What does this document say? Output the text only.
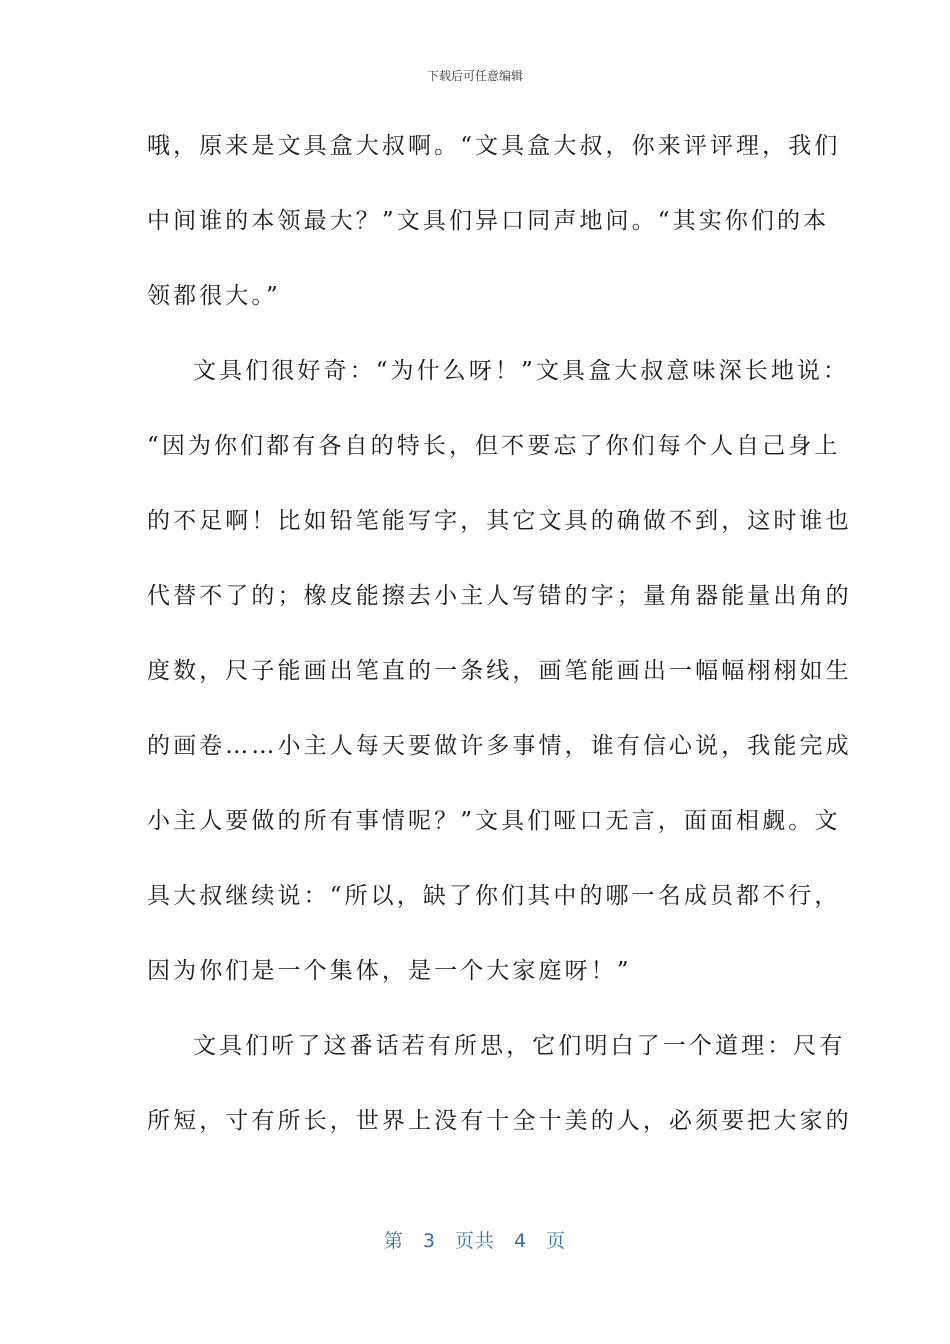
下载后可任意编辑
哦，原来是文具盒大叔啊。“文具盒大叔，你来评评理，我们
中间谁的本领最大？”文具们异口同声地问。“其实你们的本
领都很大。”
文具们很好奇：“为什么呀！”文具盒大叔意味深长地说：
“因为你们都有各自的特长，但不要忘了你们每个人自己身上
的不足啊！比如铅笔能写字，其它文具的确做不到，这时谁也
代替不了的；橡皮能擦去小主人写错的字；量角器能量出角的
度数，尺子能画出笔直的一条线，画笔能画出一幅幅栩栩如生
的画卷……小主人每天要做许多事情，谁有信心说，我能完成
小主人要做的所有事情呢？”文具们哑口无言，面面相觑。文
具大叔继续说：“所以，缺了你们其中的哪一名成员都不行，
因为你们是一个集体，是一个大家庭呀！”
文具们听了这番话若有所思，它们明白了一个道理：尺有
所短，寸有所长，世界上没有十全十美的人，必须要把大家的
第 3 页共 4 页
